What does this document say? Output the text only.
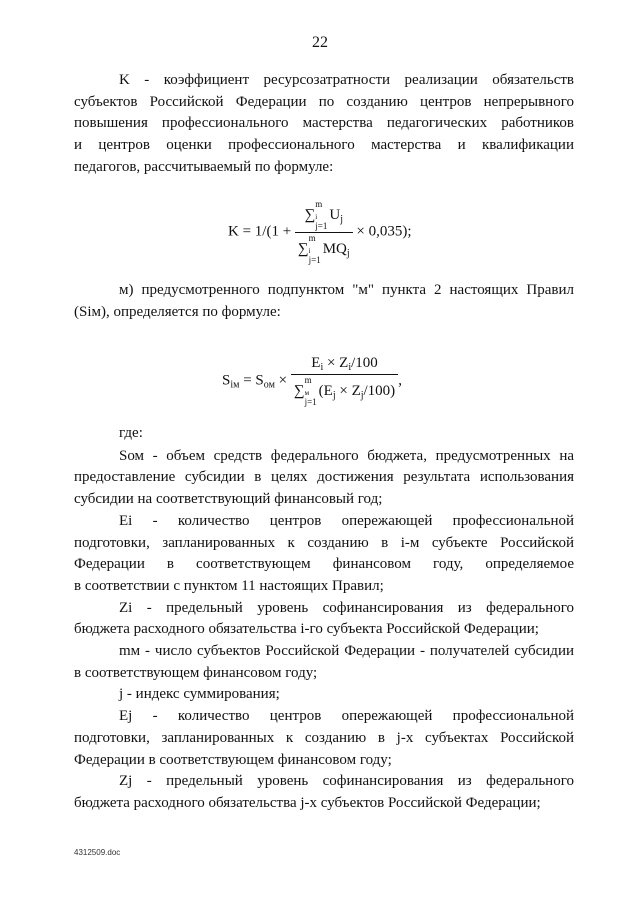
22

K - коэффициент ресурсозатратности реализации обязательств

субъектов Российской Федерации по созданию центров непрерывного

повышения профессионального мастерства педагогических работников

и центров оценки профессионального мастерства и квалификации

педагогов, рассчитываемый по формуле:

K = 1/(1 + ∑
m
$_i$
j=1
$U_j$
∑
m
$_i$
j=1
$MQ_j \times 0,035$);

м) предусмотренного подпунктом "м" пункта 2 настоящих Правил

(Sім), определяется по формуле:

$S_{iм} = S_{ом} \times E_i \times Z_i/100$
∑
m
$_м$
j=1
$(E_j \times Z_j/100)$ ,

где:

Sом - объем средств федерального бюджета, предусмотренных на

предоставление субсидии в целях достижения результата использования

субсидии на соответствующий финансовый год;

Ei - количество центров опережающей профессиональной

подготовки, запланированных к созданию в i-м субъекте Российской

Федерации в соответствующем финансовом году, определяемое

в соответствии с пунктом 11 настоящих Правил;

Zi - предельный уровень софинансирования из федерального

бюджета расходного обязательства i-го субъекта Российской Федерации;

mм - число субъектов Российской Федерации - получателей субсидии

в соответствующем финансовом году;

j - индекс суммирования;

Ej - количество центров опережающей профессиональной

подготовки, запланированных к созданию в j-х субъектах Российской

Федерации в соответствующем финансовом году;

Zj - предельный уровень софинансирования из федерального

бюджета расходного обязательства j-х субъектов Российской Федерации;

4312509.doc
